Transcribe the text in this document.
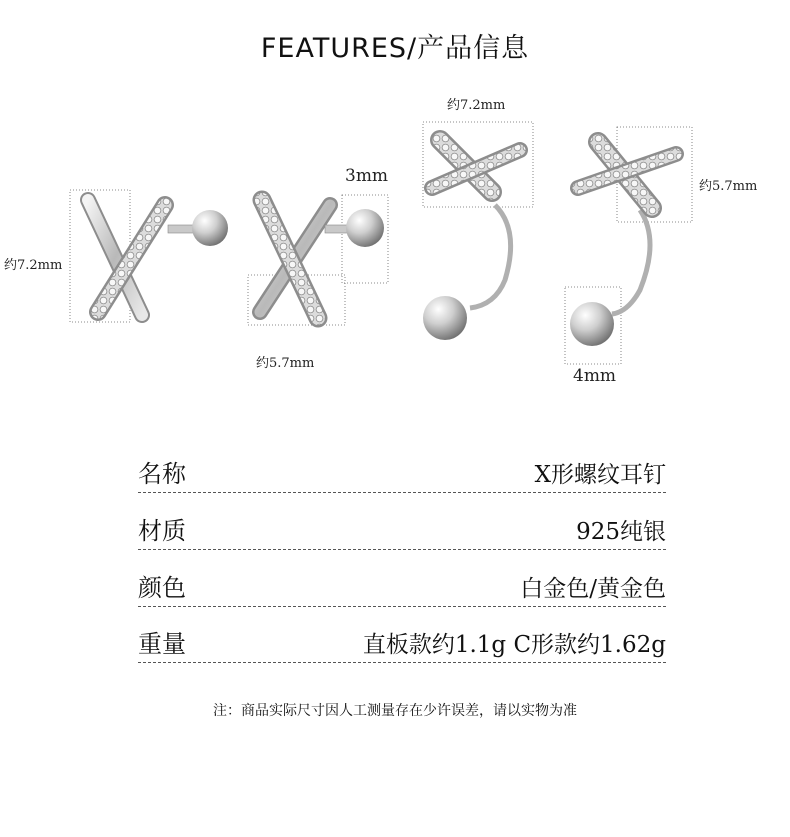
FEATURES/产品信息
约7.2mm
约5.7mm
3mm
约7.2mm
约5.7mm
4mm
名称	X形螺纹耳钉
材质	925纯银
颜色	白金色/黄金色
重量	直板款约1.1g C形款约1.62g
注：商品实际尺寸因人工测量存在少许误差，请以实物为准
